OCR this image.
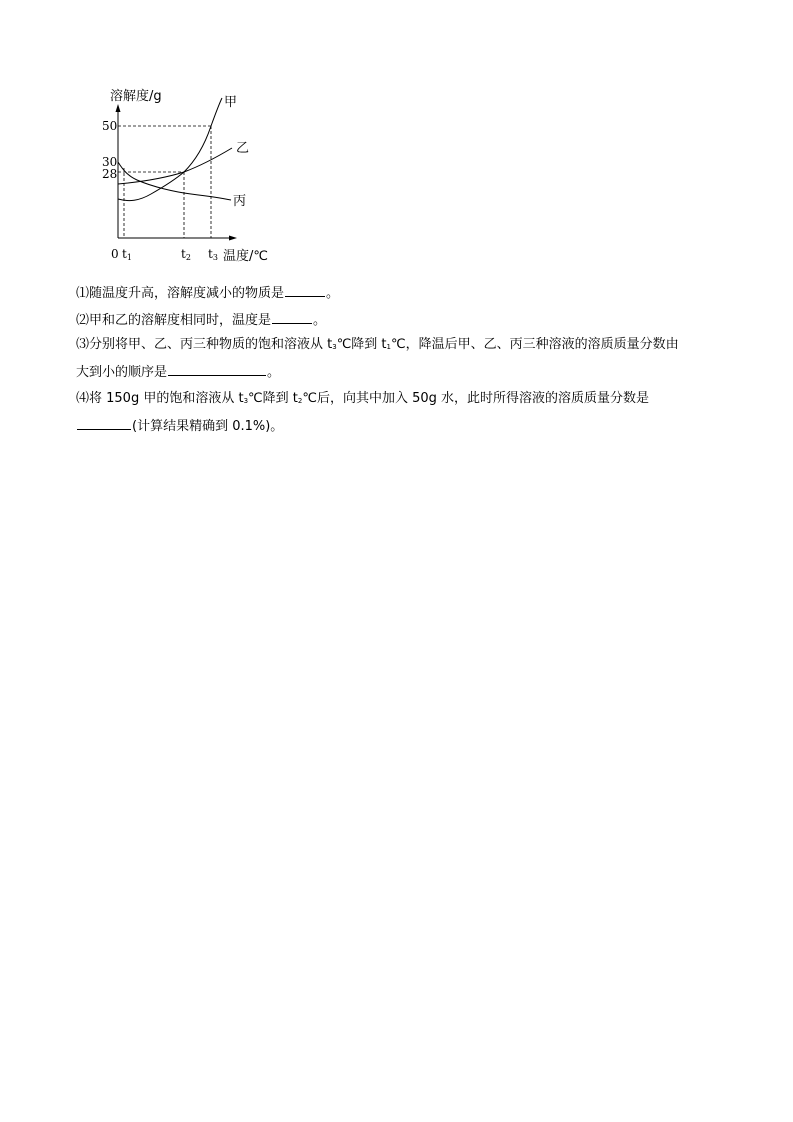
溶解度/g
温度/℃
0
50
30
28
t1	t2 t3
甲
乙
丙
⑴随温度升高，溶解度减小的物质是	。
⑵甲和乙的溶解度相同时，温度是	。
⑶分别将甲、乙、丙三种物质的饱和溶液从 $t_3℃$降到 $t_1℃$，降温后甲、乙、丙三种溶液的溶质质量分数由
大到小的顺序是	。
⑷将 150g 甲的饱和溶液从 $t_3℃$降到 $t_2℃$后，向其中加入 50g 水，此时所得溶液的溶质质量分数是
(计算结果精确到 0.1%)。
